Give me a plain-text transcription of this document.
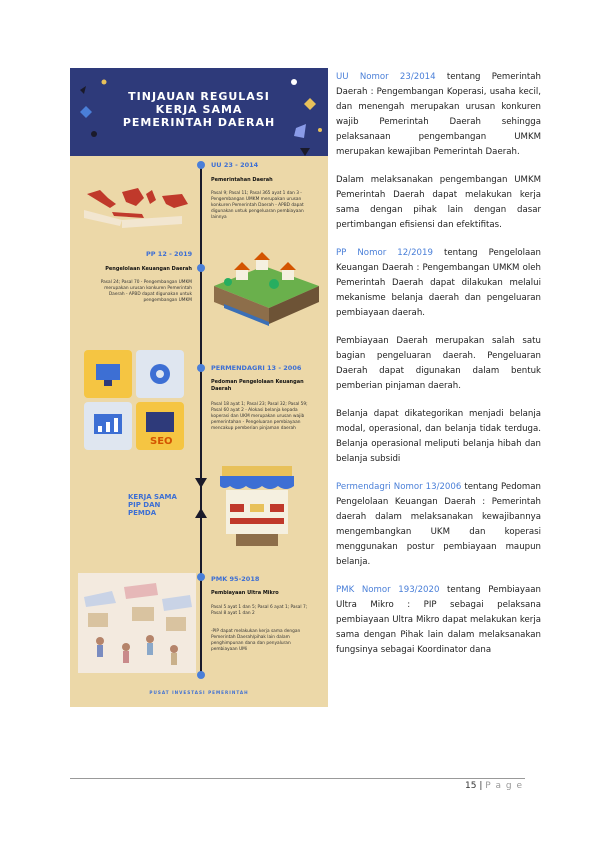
TINJAUAN REGULASI
KERJA SAMA
PEMERINTAH DAERAH
UU 23 - 2014
Pemerintahan Daerah
Pasal 9; Pasal 11; Pasal 365 ayat 1 dan 3 - Pengembangan UMKM merupakan urusan konkuren Pemerintah Daerah - APBD dapat digunakan untuk pengeluaran pembiayaan lainnya
PP 12 - 2019
Pengelolaan Keuangan Daerah
Pasal 24; Pasal 70 - Pengembangan UMKM merupakan urusan konkuren Pemerintah Daerah - APBD dapat digunakan untuk pengembangan UMKM
SEO
PERMENDAGRI 13 - 2006
Pedoman Pengelolaan Keuangan Daerah
Pasal 18 ayat 1; Pasal 23; Pasal 32; Pasal 59; Pasal 60 ayat 2 - Alokasi belanja kepada koperasi dan UKM merupakan urusan wajib pemerintahan - Pengeluaran pembiayaan mencakup pemberian pinjaman daerah
KERJA SAMA
PIP DAN
PEMDA
PMK 95-2018
Pembiayaan Ultra Mikro
Pasal 5 ayat 1 dan 5; Pasal 6 ayat 1; Pasal 7; Pasal 8 ayat 1 dan 2
-PIP dapat melakukan kerja sama dengan Pemerintah Daerah/pihak lain dalam penghimpunan dana dan penyaluran pembiayaan UMi
PUSAT INVESTASI PEMERINTAH

UU Nomor 23/2014 tentang Pemerintah Daerah : Pengembangan Koperasi, usaha kecil, dan menengah merupakan urusan konkuren wajib Pemerintah Daerah sehingga pelaksanaan pengembangan UMKM merupakan kewajiban Pemerintah Daerah.

Dalam melaksanakan pengembangan UMKM Pemerintah Daerah dapat melakukan kerja sama dengan pihak lain dengan dasar pertimbangan efisiensi dan efektifitas.

PP Nomor 12/2019 tentang Pengelolaan Keuangan Daerah : Pengembangan UMKM oleh Pemerintah Daerah dapat dilakukan melalui mekanisme belanja daerah dan pengeluaran pembiayaan daerah.

Pembiayaan Daerah merupakan salah satu bagian pengeluaran daerah. Pengeluaran Daerah dapat digunakan dalam bentuk pemberian pinjaman daerah.

Belanja dapat dikategorikan menjadi belanja modal, operasional, dan belanja tidak terduga. Belanja operasional meliputi belanja hibah dan belanja subsidi

Permendagri Nomor 13/2006 tentang Pedoman Pengelolaan Keuangan Daerah : Pemerintah daerah dalam melaksanakan kewajibannya mengembangkan UKM dan koperasi menggunakan postur pembiayaan maupun belanja.

PMK Nomor 193/2020 tentang Pembiayaan Ultra Mikro : PIP sebagai pelaksana pembiayaan Ultra Mikro dapat melakukan kerja sama dengan Pihak lain dalam melaksanakan fungsinya sebagai Koordinator dana

15 | P a g e
